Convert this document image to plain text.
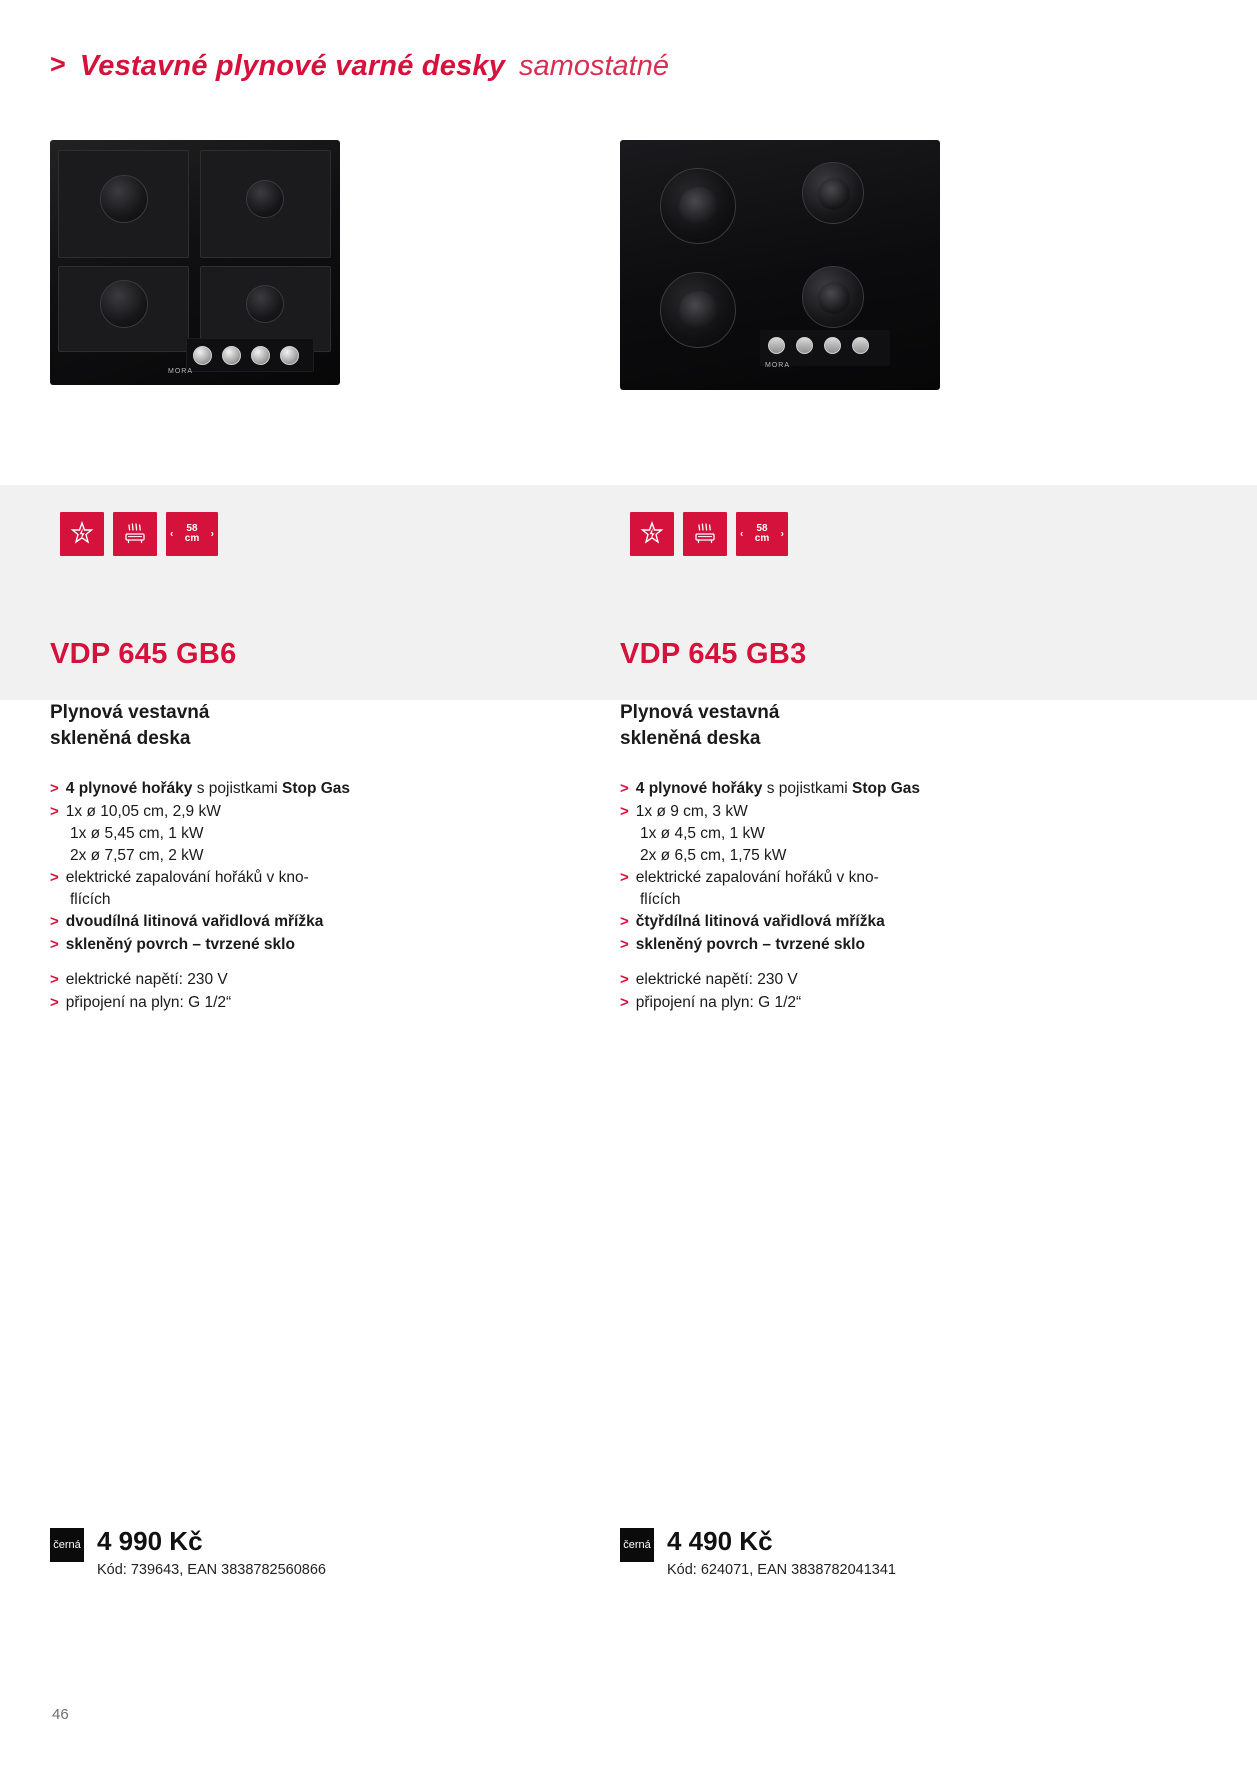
> Vestavné plynové varné desky samostatné
MORA
MORA
‹ 58
cm ›	‹ 58
cm ›
VDP 645 GB6	VDP 645 GB3
Plynová vestavná
skleněná deska
Plynová vestavná
skleněná deska
> 4 plynové hořáky s pojistkami Stop Gas
> 1x ø 10,05 cm, 2,9 kW
1x ø 5,45 cm, 1 kW
2x ø 7,57 cm, 2 kW
> elektrické zapalování hořáků v kno-
flících
> dvoudílná litinová vařidlová mřížka
> skleněný povrch – tvrzené sklo
> elektrické napětí: 230 V
> připojení na plyn: G 1/2“
> 4 plynové hořáky s pojistkami Stop Gas
> 1x ø 9 cm, 3 kW
1x ø 4,5 cm, 1 kW
2x ø 6,5 cm, 1,75 kW
> elektrické zapalování hořáků v kno-
flících
> čtyřdílná litinová vařidlová mřížka
> skleněný povrch – tvrzené sklo
> elektrické napětí: 230 V
> připojení na plyn: G 1/2“
černá 4 990 Kč
Kód: 739643, EAN 3838782560866
černá 4 490 Kč
Kód: 624071, EAN 3838782041341
46
